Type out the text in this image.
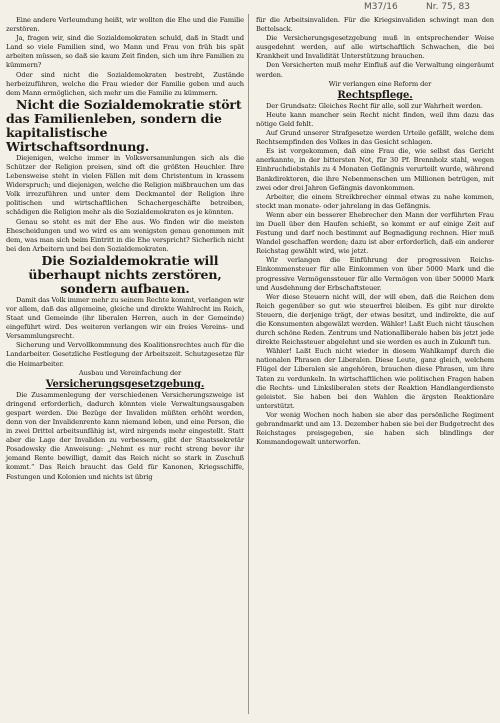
M37/16	Nr. 75, 83

Eine andere Verleumdung heißt, wir wollten die Ehe und die Familie zerstören.

Ja, fragen wir, sind die Sozialdemokraten schuld, daß in Stadt und Land so viele Familien sind, wo Mann und Frau von früh bis spät arbeiten müssen, so daß sie kaum Zeit finden, sich um ihre Familien zu kümmern?

Oder sind nicht die Sozialdemokraten bestrebt, Zustände herbeizuführen, welche die Frau wieder der Familie geben und auch dem Mann ermöglichen, sich mehr um die Familie zu kümmern.

Nicht die Sozialdemokratie stört das Familienleben, sondern die kapitalistische Wirtschaftsordnung.

Diejenigen, welche immer in Volksversammlungen sich als die Schützer der Religion preisen, sind oft die größten Heuchler. Ihre Lebensweise steht in vielen Fällen mit dem Christentum in krassem Widerspruch; und diejenigen, welche die Religion mißbrauchen um das Volk irrezuführen und unter dem Deckmantel der Religion ihre politischen und wirtschaftlichen Schachergeschäfte betreiben, schädigen die Religion mehr als die Sozialdemokraten es je könnten.

Genau so steht es mit der Ehe aus. Wo finden wir die meisten Ehescheidungen und wo wird es am wenigsten genau genommen mit dem, was man sich beim Eintritt in die Ehe verspricht? Sicherlich nicht bei den Arbeitern und bei den Sozialdemokraten.

Die Sozialdemokratie will überhaupt nichts zerstören, sondern aufbauen.

Damit das Volk immer mehr zu seinem Rechte kommt, verlangen wir vor allem, daß das allgemeine, gleiche und direkte Wahlrecht im Reich, Staat und Gemeinde (ihr liberalen Herren, auch in der Gemeinde) eingeführt wird. Des weiteren verlangen wir ein freies Vereins- und Versammlungsrecht.

Sicherung und Vervollkommnung des Koalitionsrechtes auch für die Landarbeiter. Gesetzliche Festlegung der Arbeitszeit. Schutzgesetze für die Heimarbeiter.

Ausbau und Vereinfachung der

Versicherungsgesetzgebung.

Die Zusammenlegung der verschiedenen Versicherungszweige ist dringend erforderlich, dadurch könnten viele Verwaltungsausgaben gespart werden. Die Bezüge der Invaliden müßten erhöht werden, denn von der Invalidenrente kann niemand leben, und eine Person, die in zwei Drittel arbeitsunfähig ist, wird nirgends mehr eingestellt. Statt aber die Lage der Invaliden zu verbessern, gibt der Staatssekretär Posadowsky die Anweisung: „Nehmt es nur recht streng bevor ihr jemand Rente bewilligt, damit das Reich nicht so stark in Zuschuß kommt.“ Das Reich braucht das Geld für Kanonen, Kriegsschiffe, Festungen und Kolonien und nichts ist übrig

für die Arbeitsinvaliden. Für die Kriegsinvaliden schwingt man den Bettelsack.

Die Versicherungsgesetzgebung muß in entsprechender Weise ausgedehnt werden, auf alle wirtschaftlich Schwachen, die bei Krankheit und Invalidität Unterstützung brauchen.

Den Versicherten muß mehr Einfluß auf die Verwaltung eingeräumt werden.

Wir verlangen eine Reform der

Rechtspflege.

Der Grundsatz: Gleiches Recht für alle, soll zur Wahrheit werden.

Heute kann mancher sein Recht nicht finden, weil ihm dazu das nötige Geld fehlt.

Auf Grund unserer Strafgesetze werden Urteile gefällt, welche dem Rechtsempfinden des Volkes in das Gesicht schlagen.

Es ist vorgekommen, daß eine Frau die, wie selbst das Gericht anerkannte, in der bittersten Not, für 30 Pf. Brennholz stahl, wegen Einbruchdiebstahls zu 4 Monaten Gefängnis verurteilt wurde, während Bankdirektoren, die ihre Nebenmenschen um Millionen betrügen, mit zwei oder drei Jahren Gefängnis davonkommen.

Arbeiter, die einem Streikbrecher einmal etwas zu nahe kommen, steckt man monate- oder jahrelang in das Gefängnis.

Wenn aber ein besserer Ehebrecher den Mann der verführten Frau im Duell über den Haufen schießt, so kommt er auf einige Zeit auf Festung und darf noch bestimmt auf Begnadigung rechnen. Hier muß Wandel geschaffen werden; dazu ist aber erforderlich, daß ein anderer Reichstag gewählt wird, wie jetzt.

Wir verlangen die Einführung der progressiven Reichs-Einkommensteuer für alle Einkommen von über 5000 Mark und die progressive Vermögenssteuer für alle Vermögen von über 50000 Mark und Ausdehnung der Erbschaftsteuer.

Wer diese Steuern nicht will, der will eben, daß die Reichen dem Reich gegenüber so gut wie steuerfrei bleiben. Es gibt nur direkte Steuern, die derjenige trägt, der etwas besitzt, und indirekte, die auf die Konsumenten abgewälzt werden. Wähler! Laßt Euch nicht täuschen durch schöne Reden. Zentrum und Nationalliberale haben bis jetzt jede direkte Reichssteuer abgelehnt und sie werden es auch in Zukunft tun.

Wähler! Laßt Euch nicht wieder in diesem Wahlkampf durch die nationalen Phrasen der Liberalen. Diese Leute, ganz gleich, welchem Flügel der Liberalen sie angehören, brauchen diese Phrasen, um ihre Taten zu verdunkeln. In wirtschaftlichen wie politischen Fragen haben die Rechts- und Linksliberalen stets der Reaktion Handlangerdienste geleistet. Sie haben bei den Wahlen die ärgsten Reaktionäre unterstützt.

Vor wenig Wochen noch haben sie aber das persönliche Regiment gebrandmarkt und am 13. Dezember haben sie bei der Budgetrecht des Reichstages preisgegeben, sie haben sich blindlings der Kommandogewalt unterworfen.
